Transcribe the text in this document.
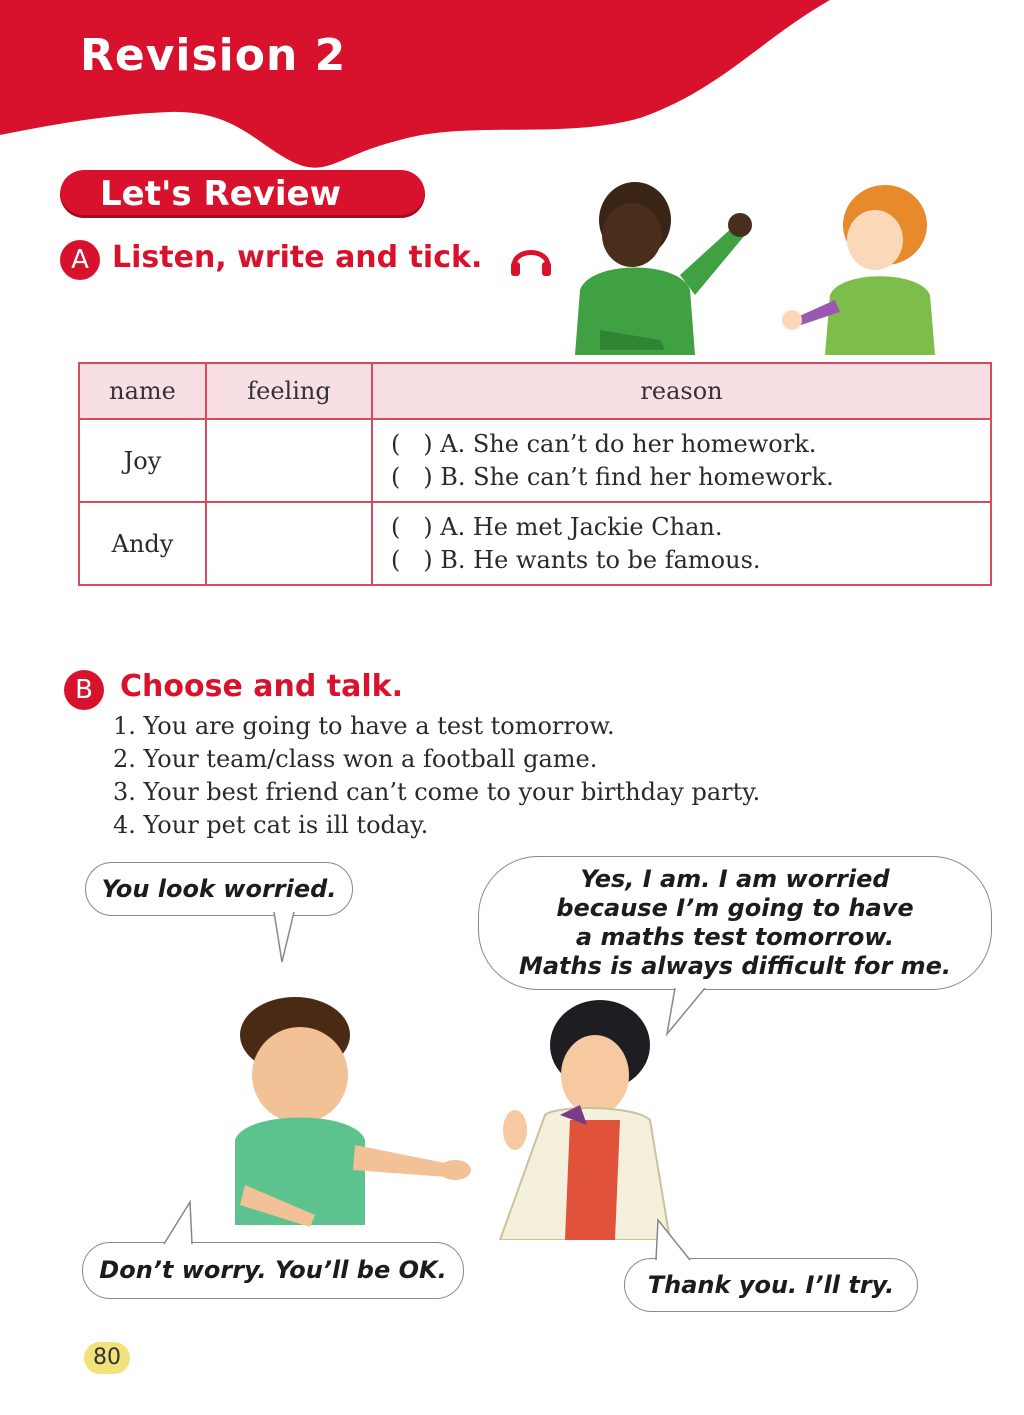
Revision 2
Let's Review
A Listen, write and tick.
name	feeling	reason
Joy		(   ) A. She can’t do her homework.
(   ) B. She can’t find her homework.

Andy		(   ) A. He met Jackie Chan.
(   ) B. He wants to be famous.
B Choose and talk.
1. You are going to have a test tomorrow.
2. Your team/class won a football game.
3. Your best friend can’t come to your birthday party.
4. Your pet cat is ill today.
You look worried.	Yes, I am. I am worried
because I’m going to have
a maths test tomorrow.
Maths is always difficult for me.
Don’t worry. You’ll be OK.
Thank you. I’ll try.
80
